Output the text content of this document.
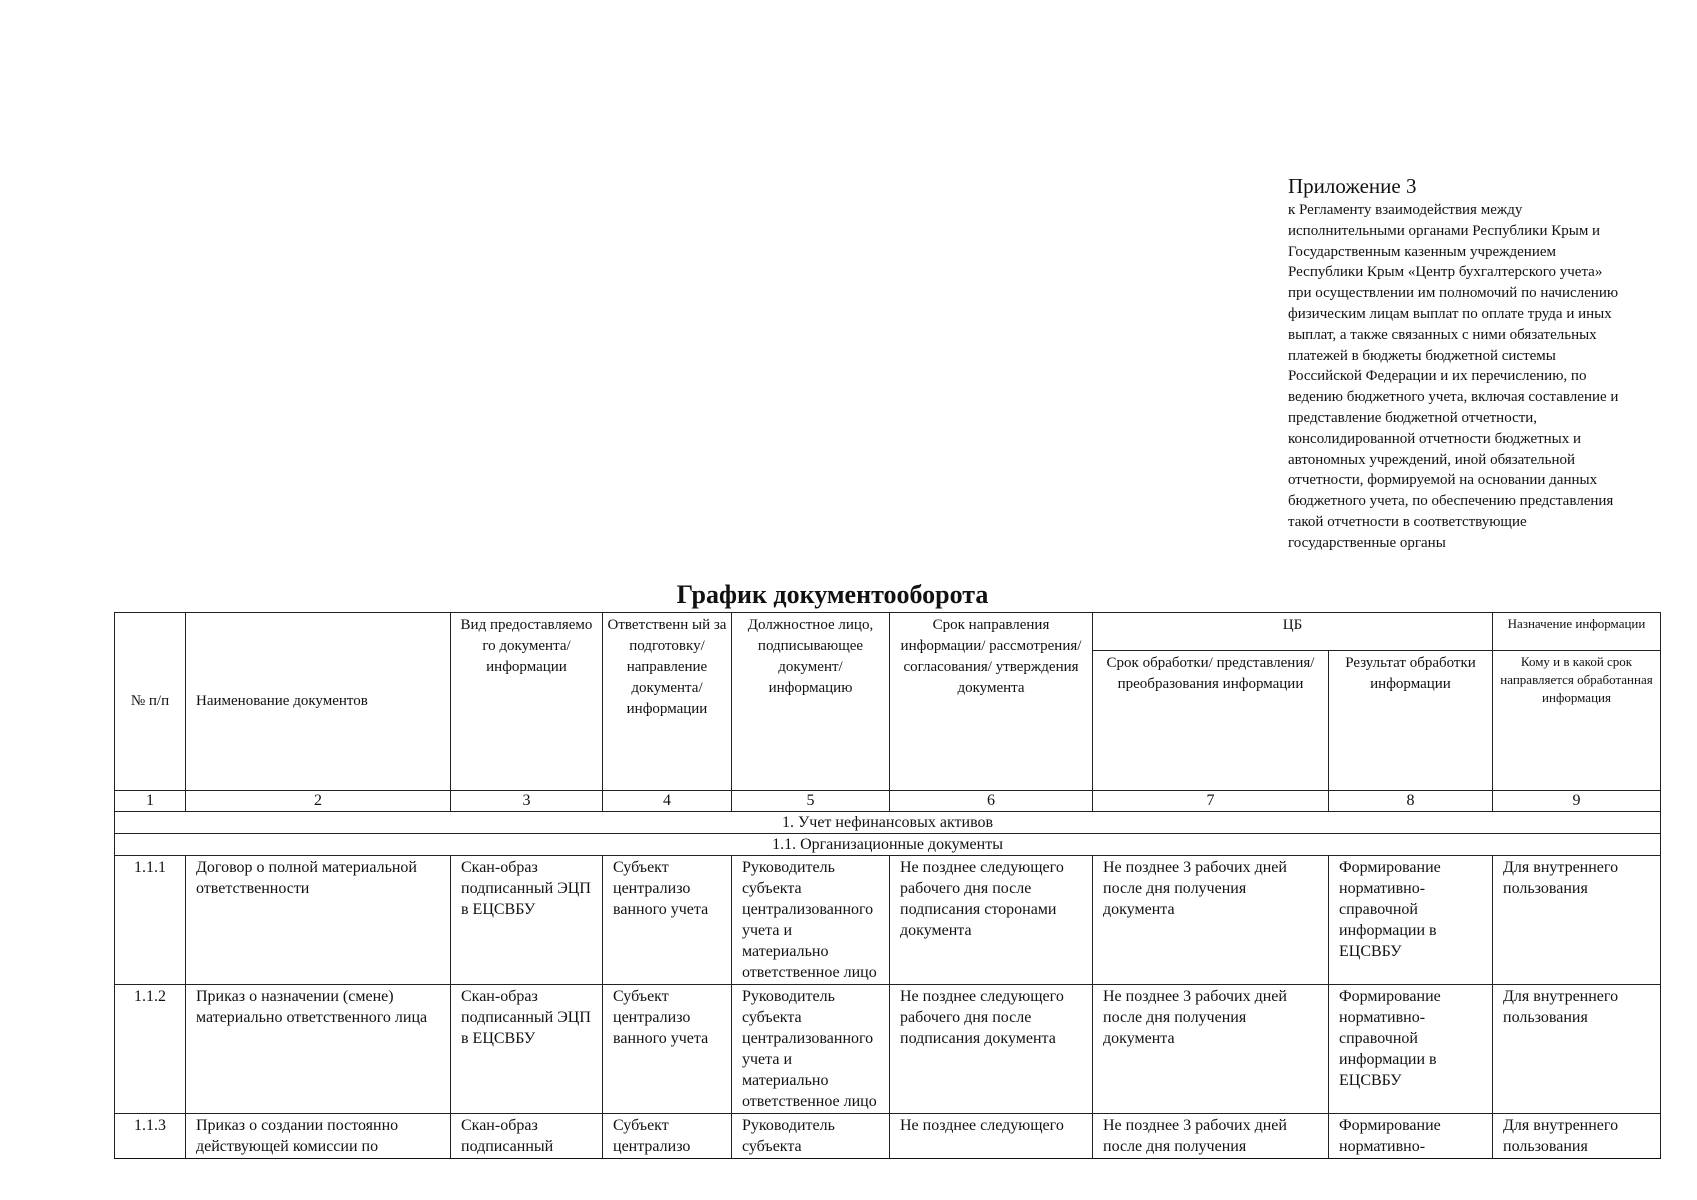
Приложение 3

к Регламенту взаимодействия между
исполнительными органами Республики Крым и
Государственным казенным учреждением
Республики Крым «Центр бухгалтерского учета»
при осуществлении им полномочий по начислению
физическим лицам выплат по оплате труда и иных
выплат, а также связанных с ними обязательных
платежей в бюджеты бюджетной системы
Российской Федерации и их перечислению, по
ведению бюджетного учета, включая составление и
представление бюджетной отчетности,
консолидированной отчетности бюджетных и
автономных учреждений, иной обязательной
отчетности, формируемой на основании данных
бюджетного учета, по обеспечению представления
такой отчетности в соответствующие
государственные органы

График документооборота
№ п/п	Наименование документов	Вид предоставляемо го документа/ информации	Ответственн ый за подготовку/ направление документа/ информации	Должностное лицо, подписывающее документ/ информацию	Срок направления информации/ рассмотрения/ согласования/ утверждения документа	ЦБ		Назначение информации
						Срок обработки/ представления/ преобразования информации	Результат обработки информации	Кому и в какой срок направляется обработанная информация
1	2	3	4	5	6	7	8	9
1. Учет нефинансовых активов								
1.1. Организационные документы								
1.1.1	Договор о полной материальной ответственности	Скан-образ подписанный ЭЦП в ЕЦСВБУ	Субъект централизо ванного учета	Руководитель субъекта централизованного учета и материально ответственное лицо	Не позднее следующего рабочего дня после подписания сторонами документа	Не позднее 3 рабочих дней после дня получения документа	Формирование нормативно-справочной информации в ЕЦСВБУ	Для внутреннего пользования
1.1.2	Приказ о назначении (смене) материально ответственного лица	Скан-образ подписанный ЭЦП в ЕЦСВБУ	Субъект централизо ванного учета	Руководитель субъекта централизованного учета и материально ответственное лицо	Не позднее следующего рабочего дня после подписания документа	Не позднее 3 рабочих дней после дня получения документа	Формирование нормативно-справочной информации в ЕЦСВБУ	Для внутреннего пользования
1.1.3	Приказ о создании постоянно действующей комиссии по	Скан-образ подписанный	Субъект централизо	Руководитель субъекта	Не позднее следующего	Не позднее 3 рабочих дней после дня получения	Формирование нормативно-	Для внутреннего пользования
